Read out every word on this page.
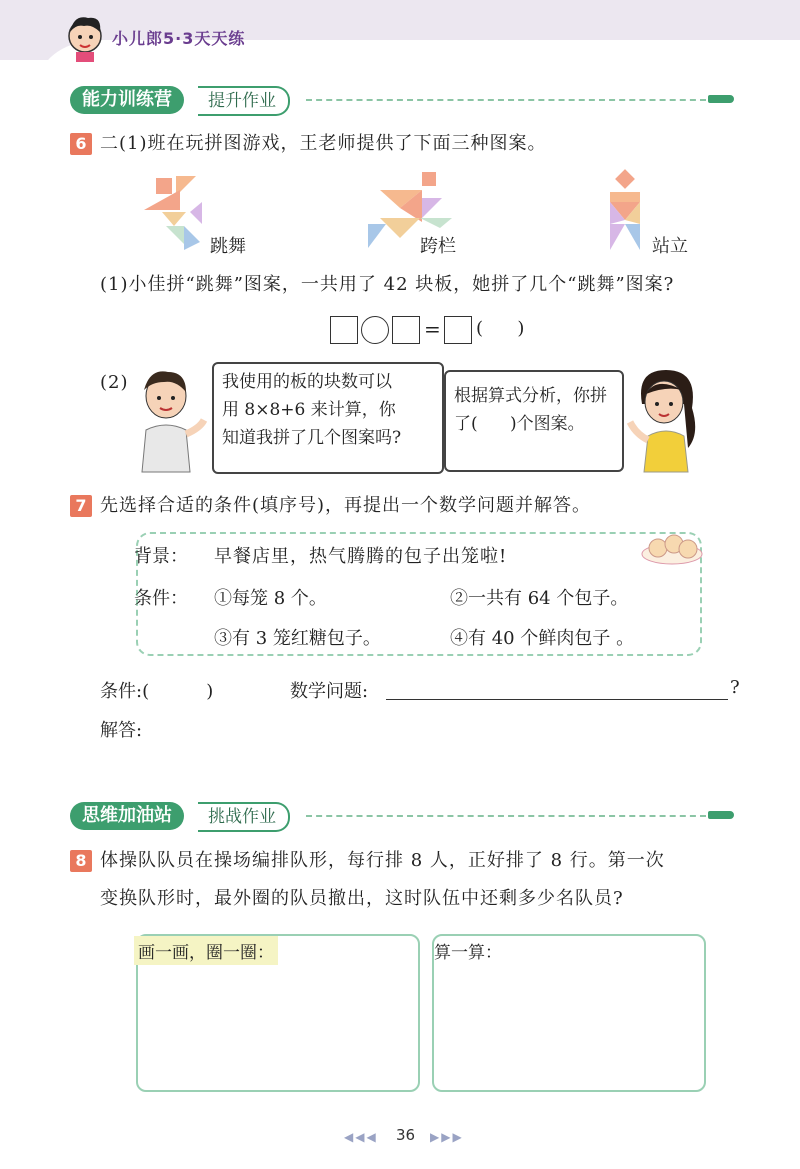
小儿郎5·3天天练
能力训练营	提升作业
6 二(1)班在玩拼图游戏，王老师提供了下面三种图案。
跳舞	跨栏	站立
(1)小佳拼“跳舞”图案，一共用了 42 块板，她拼了几个“跳舞”图案?
= (      )
(2)	我使用的板的块数可以
用 8×8+6 来计算，你
知道我拼了几个图案吗?
根据算式分析，你拼
了(      )个图案。
7 先选择合适的条件(填序号)，再提出一个数学问题并解答。
背景： 早餐店里，热气腾腾的包子出笼啦!
条件： ①每笼 8 个。	②一共有 64 个包子。
③有 3 笼红糖包子。	④有 40 个鲜肉包子 。
条件:(          )	数学问题:	?
解答:
思维加油站	挑战作业
8 体操队队员在操场编排队形，每行排 8 人，正好排了 8 行。第一次
变换队形时，最外圈的队员撤出，这时队伍中还剩多少名队员?
画一画，圈一圈：	算一算：
◀◀◀ 36 ▶▶▶
